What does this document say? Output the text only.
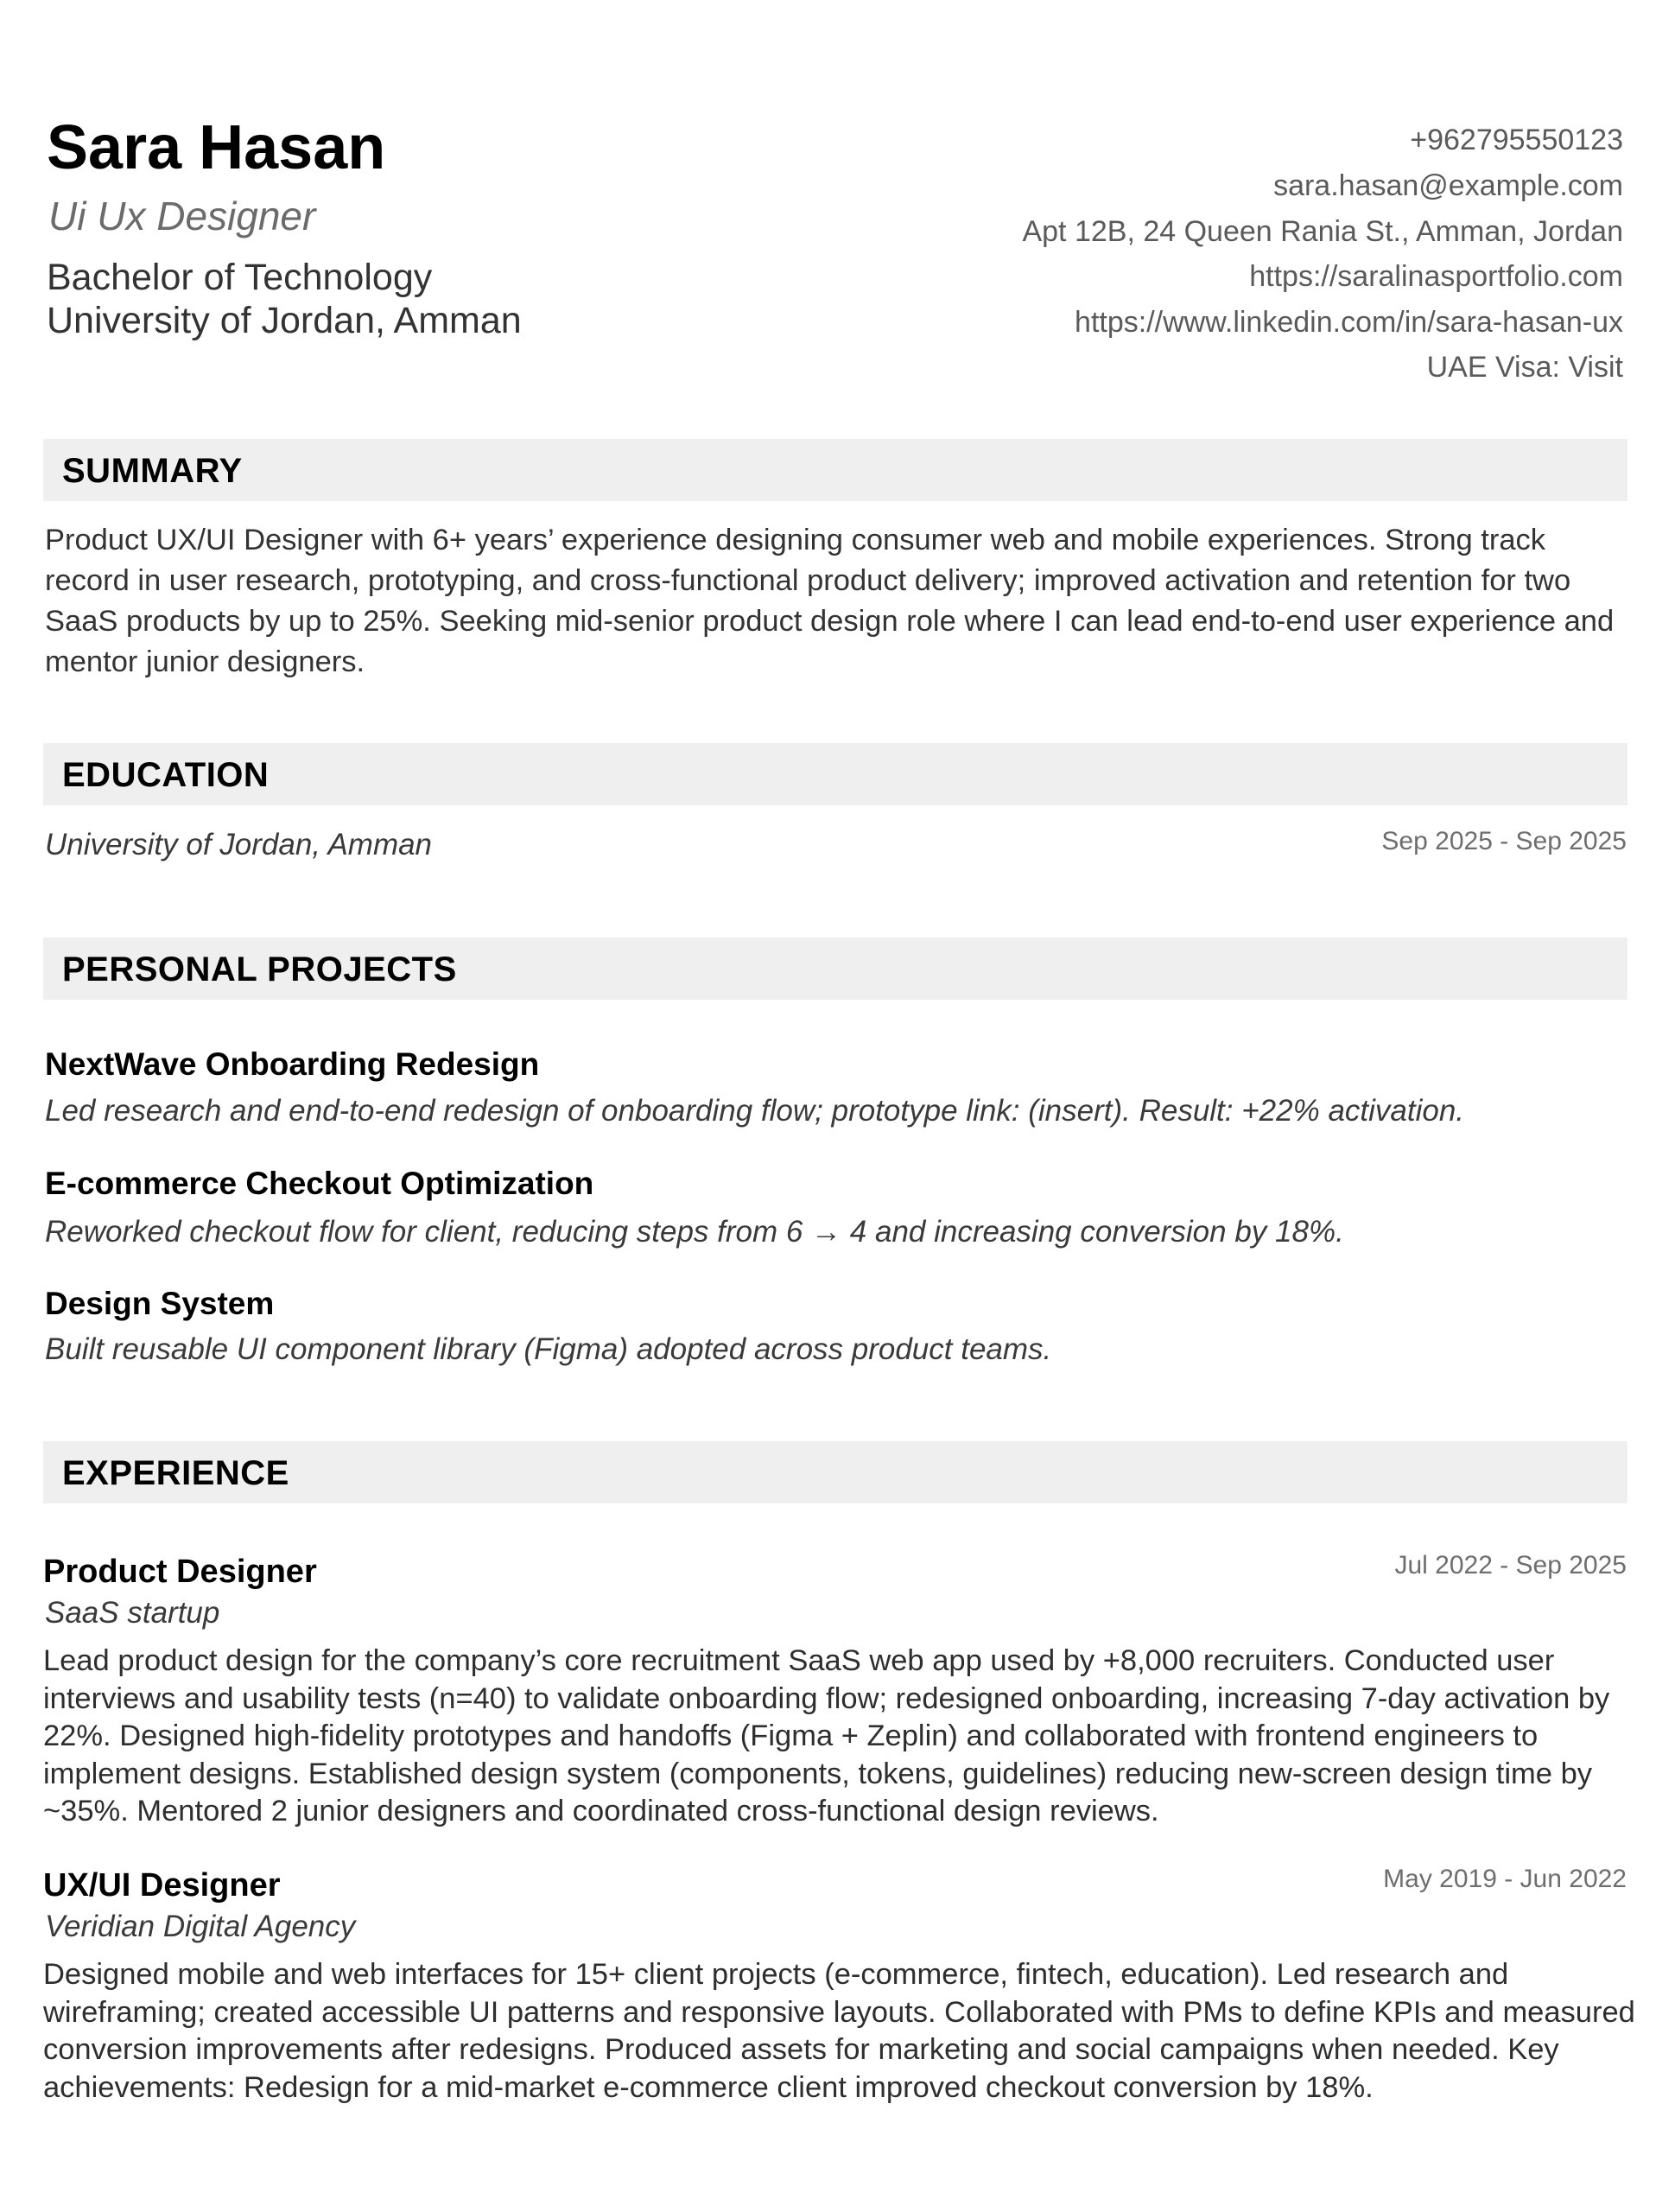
Sara Hasan
Ui Ux Designer
Bachelor of Technology
University of Jordan, Amman
+962795550123
sara.hasan@example.com
Apt 12B, 24 Queen Rania St., Amman, Jordan
https://saralinasportfolio.com
https://www.linkedin.com/in/sara-hasan-ux
UAE Visa: Visit
SUMMARY

Product UX/UI Designer with 6+ years’ experience designing consumer web and mobile experiences. Strong track record in user research, prototyping, and cross-functional product delivery; improved activation and retention for two SaaS products by up to 25%. Seeking mid-senior product design role where I can lead end-to-end user experience and mentor junior designers.

EDUCATION
University of Jordan, Amman	Sep 2025 - Sep 2025
PERSONAL PROJECTS
NextWave Onboarding Redesign
Led research and end-to-end redesign of onboarding flow; prototype link: (insert). Result: +22% activation.
E-commerce Checkout Optimization
Reworked checkout flow for client, reducing steps from 6 → 4 and increasing conversion by 18%.
Design System
Built reusable UI component library (Figma) adopted across product teams.
EXPERIENCE
Product Designer	Jul 2022 - Sep 2025
SaaS startup

Lead product design for the company’s core recruitment SaaS web app used by +8,000 recruiters. Conducted user interviews and usability tests (n=40) to validate onboarding flow; redesigned onboarding, increasing 7-day activation by 22%. Designed high-fidelity prototypes and handoffs (Figma + Zeplin) and collaborated with frontend engineers to implement designs. Established design system (components, tokens, guidelines) reducing new-screen design time by ~35%. Mentored 2 junior designers and coordinated cross-functional design reviews.

UX/UI Designer	May 2019 - Jun 2022
Veridian Digital Agency

Designed mobile and web interfaces for 15+ client projects (e-commerce, fintech, education). Led research and wireframing; created accessible UI patterns and responsive layouts. Collaborated with PMs to define KPIs and measured conversion improvements after redesigns. Produced assets for marketing and social campaigns when needed. Key achievements: Redesign for a mid-market e-commerce client improved checkout conversion by 18%.
